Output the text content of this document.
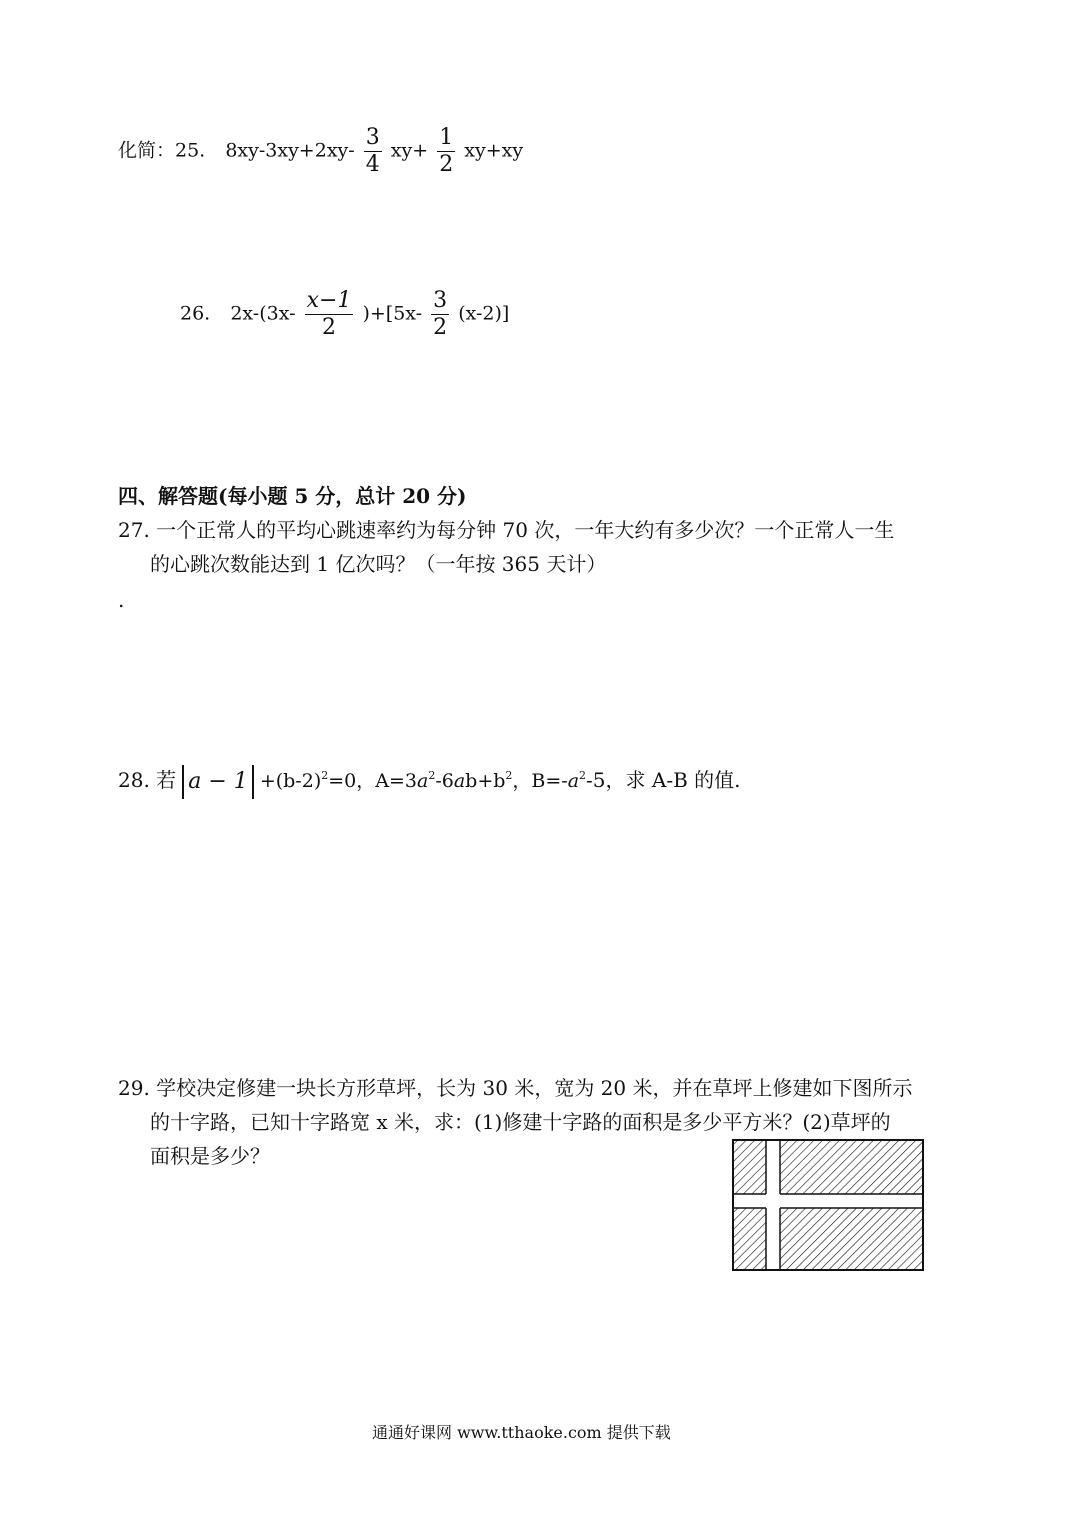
化简：25. $8xy-3xy+2xy- \frac{3}{4} xy+ \frac{1}{2} xy+xy$
26. $2x-(3x- \frac{x-1}{2} )+[5x- \frac{3}{2} (x-2)]$
四、解答题(每小题 5 分，总计 20 分)
27. 一个正常人的平均心跳速率约为每分钟 70 次，一年大约有多少次？一个正常人一生
的心跳次数能达到 1 亿次吗？（一年按 365 天计）
.
28. 若 $a - 1 +(b-2)^2=0$，$A=3a^2-6ab+b^2$，$B=-a^2-5$，求 A-B 的值.
29. 学校决定修建一块长方形草坪，长为 30 米，宽为 20 米，并在草坪上修建如下图所示
的十字路，已知十字路宽 x 米，求：(1)修建十字路的面积是多少平方米？(2)草坪的
面积是多少？
通通好课网 www.tthaoke.com 提供下载
